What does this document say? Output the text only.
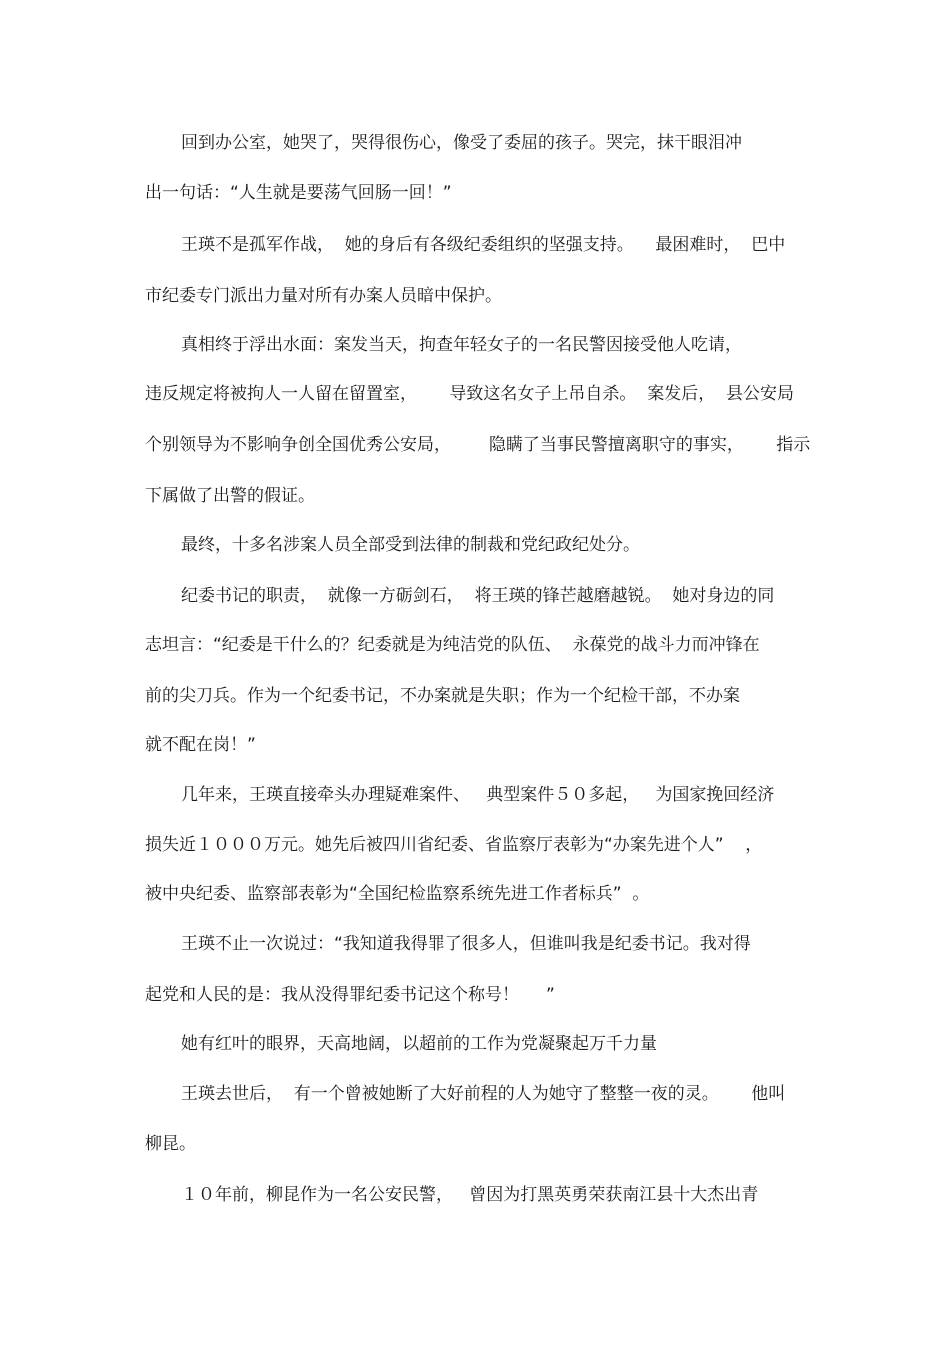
回到办公室，她哭了，哭得很伤心，像受了委屈的孩子。哭完，抹干眼泪冲

出一句话：“人生就是要荡气回肠一回！”

王瑛不是孤军作战，  她的身后有各级纪委组织的坚强支持。    最困难时，  巴中

市纪委专门派出力量对所有办案人员暗中保护。

真相终于浮出水面：案发当天，拘查年轻女子的一名民警因接受他人吃请，

违反规定将被拘人一人留在留置室，      导致这名女子上吊自杀。  案发后，  县公安局

个别领导为不影响争创全国优秀公安局，       隐瞒了当事民警擅离职守的事实，      指示

下属做了出警的假证。

最终，十多名涉案人员全部受到法律的制裁和党纪政纪处分。

纪委书记的职责，  就像一方砺剑石，  将王瑛的锋芒越磨越锐。  她对身边的同

志坦言：“纪委是干什么的？纪委就是为纯洁党的队伍、  永葆党的战斗力而冲锋在

前的尖刀兵。作为一个纪委书记，不办案就是失职；作为一个纪检干部，不办案

就不配在岗！”

几年来，王瑛直接牵头办理疑难案件、   典型案件５０多起，   为国家挽回经济

损失近１０００万元。她先后被四川省纪委、省监察厅表彰为“办案先进个人”    ，

被中央纪委、监察部表彰为“全国纪检监察系统先进工作者标兵”  。

王瑛不止一次说过：“我知道我得罪了很多人，但谁叫我是纪委书记。我对得

起党和人民的是：我从没得罪纪委书记这个称号！     ”

她有红叶的眼界，天高地阔，以超前的工作为党凝聚起万千力量

王瑛去世后，  有一个曾被她断了大好前程的人为她守了整整一夜的灵。      他叫

柳昆。

１０年前，柳昆作为一名公安民警，   曾因为打黑英勇荣获南江县十大杰出青
